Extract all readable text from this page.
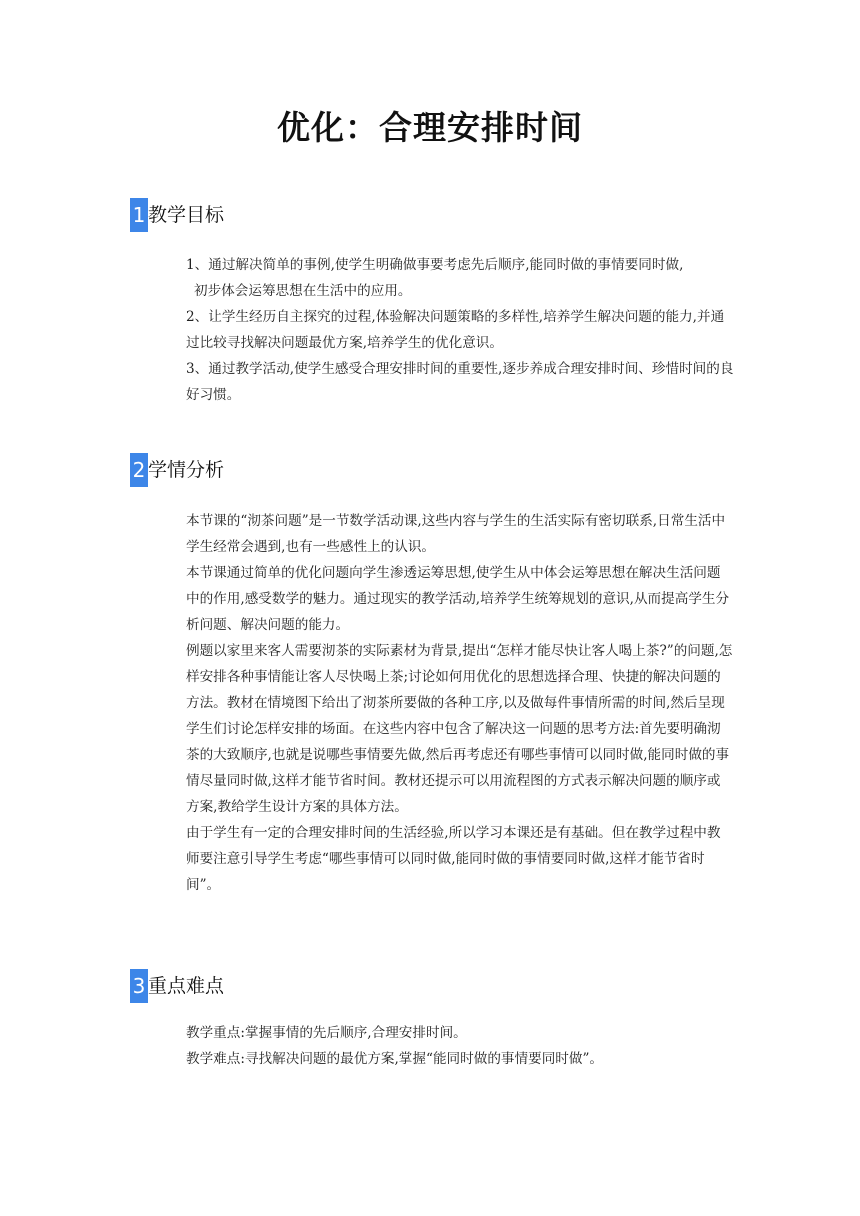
优化：合理安排时间
1 教学目标

1、通过解决简单的事例,使学生明确做事要考虑先后顺序,能同时做的事情要同时做,

初步体会运筹思想在生活中的应用。

2、让学生经历自主探究的过程,体验解决问题策略的多样性,培养学生解决问题的能力,并通过比较寻找解决问题最优方案,培养学生的优化意识。

3、通过教学活动,使学生感受合理安排时间的重要性,逐步养成合理安排时间、珍惜时间的良好习惯。

2 学情分析

本节课的“沏茶问题”是一节数学活动课,这些内容与学生的生活实际有密切联系,日常生活中学生经常会遇到,也有一些感性上的认识。

本节课通过简单的优化问题向学生渗透运筹思想,使学生从中体会运筹思想在解决生活问题中的作用,感受数学的魅力。通过现实的教学活动,培养学生统筹规划的意识,从而提高学生分析问题、解决问题的能力。

例题以家里来客人需要沏茶的实际素材为背景,提出“怎样才能尽快让客人喝上茶?”的问题,怎样安排各种事情能让客人尽快喝上茶;讨论如何用优化的思想选择合理、快捷的解决问题的方法。教材在情境图下给出了沏茶所要做的各种工序,以及做每件事情所需的时间,然后呈现学生们讨论怎样安排的场面。在这些内容中包含了解决这一问题的思考方法:首先要明确沏茶的大致顺序,也就是说哪些事情要先做,然后再考虑还有哪些事情可以同时做,能同时做的事情尽量同时做,这样才能节省时间。教材还提示可以用流程图的方式表示解决问题的顺序或方案,教给学生设计方案的具体方法。

由于学生有一定的合理安排时间的生活经验,所以学习本课还是有基础。但在教学过程中教师要注意引导学生考虑“哪些事情可以同时做,能同时做的事情要同时做,这样才能节省时间”。

3 重点难点

教学重点:掌握事情的先后顺序,合理安排时间。

教学难点:寻找解决问题的最优方案,掌握“能同时做的事情要同时做”。
